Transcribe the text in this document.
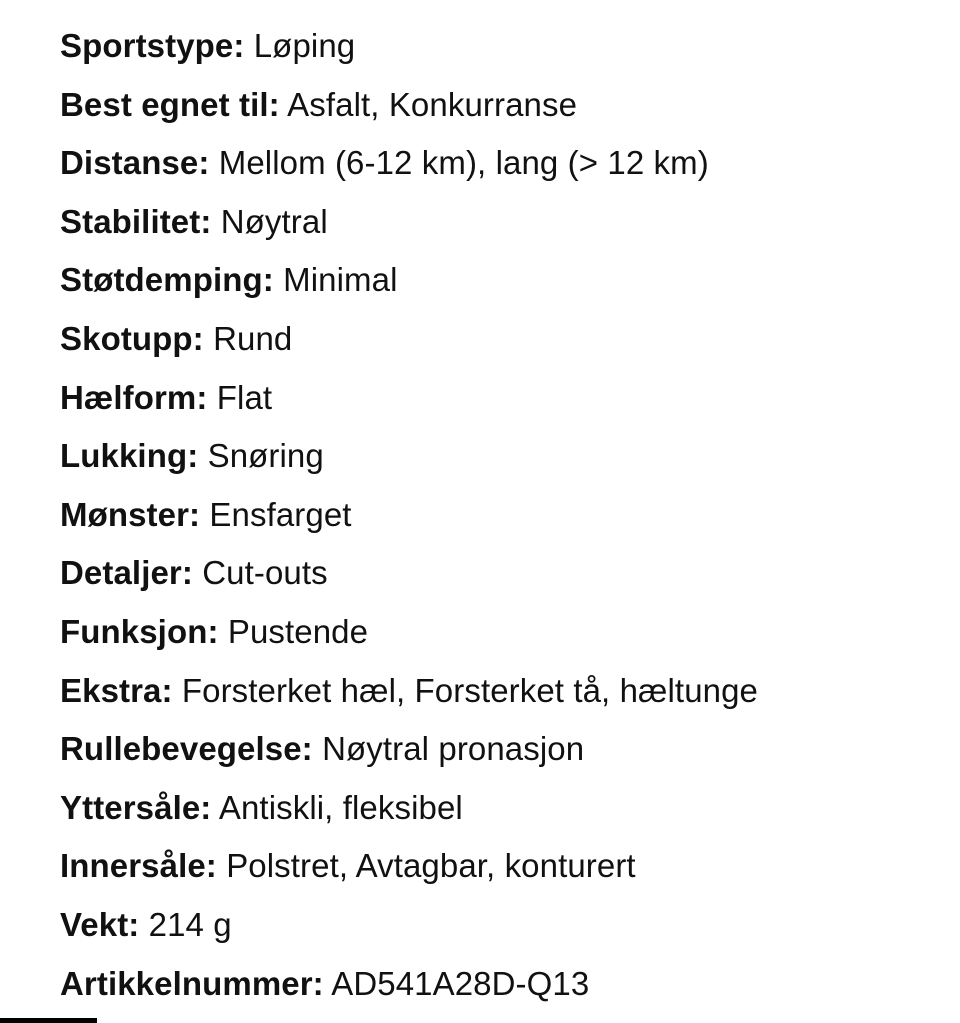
Sportstype: Løping
Best egnet til: Asfalt, Konkurranse
Distanse: Mellom (6-12 km), lang (> 12 km)
Stabilitet: Nøytral
Støtdemping: Minimal
Skotupp: Rund
Hælform: Flat
Lukking: Snøring
Mønster: Ensfarget
Detaljer: Cut-outs
Funksjon: Pustende
Ekstra: Forsterket hæl, Forsterket tå, hæltunge
Rullebevegelse: Nøytral pronasjon
Yttersåle: Antiskli, fleksibel
Innersåle: Polstret, Avtagbar, konturert
Vekt: 214 g
Artikkelnummer: AD541A28D-Q13
